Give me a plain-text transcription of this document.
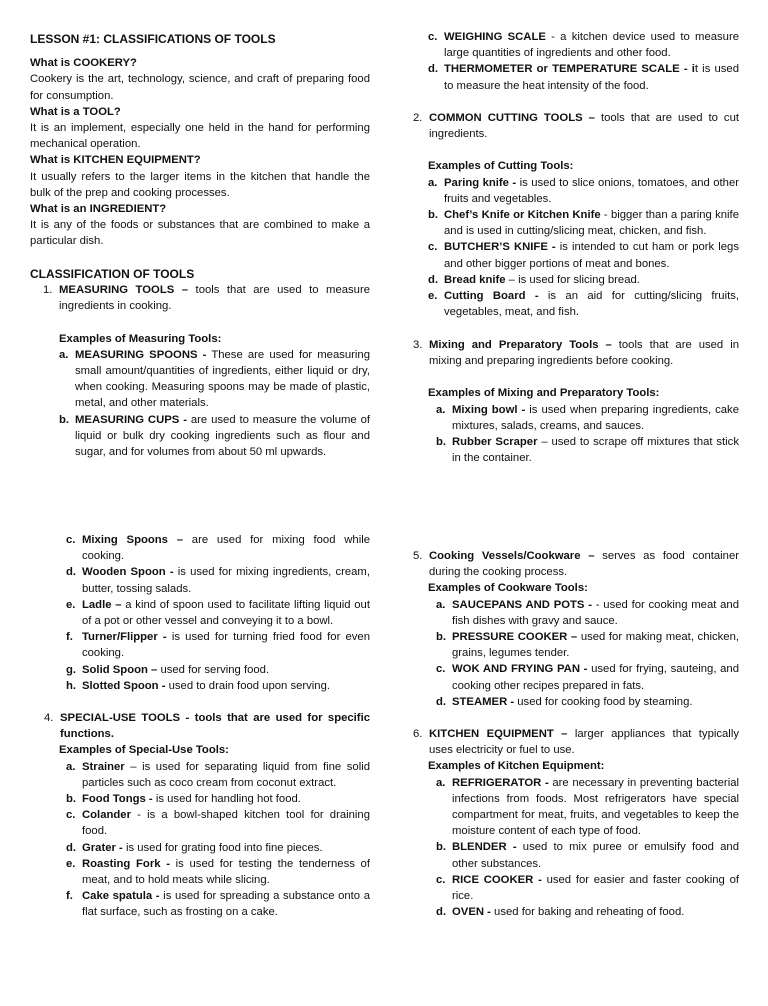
LESSON #1: CLASSIFICATIONS OF TOOLS

What is COOKERY?

Cookery is the art, technology, science, and craft of preparing food for consumption.

What is a TOOL?

It is an implement, especially one held in the hand for performing mechanical operation.

What is KITCHEN EQUIPMENT?

It usually refers to the larger items in the kitchen that handle the bulk of the prep and cooking processes.

What is an INGREDIENT?

It is any of the foods or substances that are combined to make a particular dish.

CLASSIFICATION OF TOOLS

1. MEASURING TOOLS – tools that are used to measure ingredients in cooking.

Examples of Measuring Tools:

a. MEASURING SPOONS - These are used for measuring small amount/quantities of ingredients, either liquid or dry, when cooking. Measuring spoons may be made of plastic, metal, and other materials.
b. MEASURING CUPS - are used to measure the volume of liquid or bulk dry cooking ingredients such as flour and sugar, and for volumes from about 50 ml upwards.
c. WEIGHING SCALE - a kitchen device used to measure large quantities of ingredients and other food.
d. THERMOMETER or TEMPERATURE SCALE - it is used to measure the heat intensity of the food.
2. COMMON CUTTING TOOLS – tools that are used to cut ingredients.

Examples of Cutting Tools:

a. Paring knife - is used to slice onions, tomatoes, and other fruits and vegetables.
b. Chef’s Knife or Kitchen Knife - bigger than a paring knife and is used in cutting/slicing meat, chicken, and fish.
c. BUTCHER’S KNIFE - is intended to cut ham or pork legs and other bigger portions of meat and bones.
d. Bread knife – is used for slicing bread.
e. Cutting Board - is an aid for cutting/slicing fruits, vegetables, meat, and fish.
3. Mixing and Preparatory Tools – tools that are used in mixing and preparing ingredients before cooking.

Examples of Mixing and Preparatory Tools:

a. Mixing bowl - is used when preparing ingredients, cake mixtures, salads, creams, and sauces.
b. Rubber Scraper – used to scrape off mixtures that stick in the container.
c. Mixing Spoons – are used for mixing food while cooking.
d. Wooden Spoon - is used for mixing ingredients, cream, butter, tossing salads.
e. Ladle – a kind of spoon used to facilitate lifting liquid out of a pot or other vessel and conveying it to a bowl.
f. Turner/Flipper - is used for turning fried food for even cooking.
g. Solid Spoon – used for serving food.
h. Slotted Spoon - used to drain food upon serving.
4. SPECIAL-USE TOOLS - tools that are used for specific functions.

Examples of Special-Use Tools:

a. Strainer – is used for separating liquid from fine solid particles such as coco cream from coconut extract.
b. Food Tongs - is used for handling hot food.
c. Colander - is a bowl-shaped kitchen tool for draining food.
d. Grater - is used for grating food into fine pieces.
e. Roasting Fork - is used for testing the tenderness of meat, and to hold meats while slicing.
f. Cake spatula - is used for spreading a substance onto a flat surface, such as frosting on a cake.
5. Cooking Vessels/Cookware – serves as food container during the cooking process.

Examples of Cookware Tools:

a. SAUCEPANS AND POTS - - used for cooking meat and fish dishes with gravy and sauce.
b. PRESSURE COOKER – used for making meat, chicken, grains, legumes tender.
c. WOK AND FRYING PAN - used for frying, sauteing, and cooking other recipes prepared in fats.
d. STEAMER - used for cooking food by steaming.
6. KITCHEN EQUIPMENT – larger appliances that typically uses electricity or fuel to use.

Examples of Kitchen Equipment:

a. REFRIGERATOR - are necessary in preventing bacterial infections from foods. Most refrigerators have special compartment for meat, fruits, and vegetables to keep the moisture content of each type of food.
b. BLENDER - used to mix puree or emulsify food and other substances.
c. RICE COOKER - used for easier and faster cooking of rice.
d. OVEN - used for baking and reheating of food.
